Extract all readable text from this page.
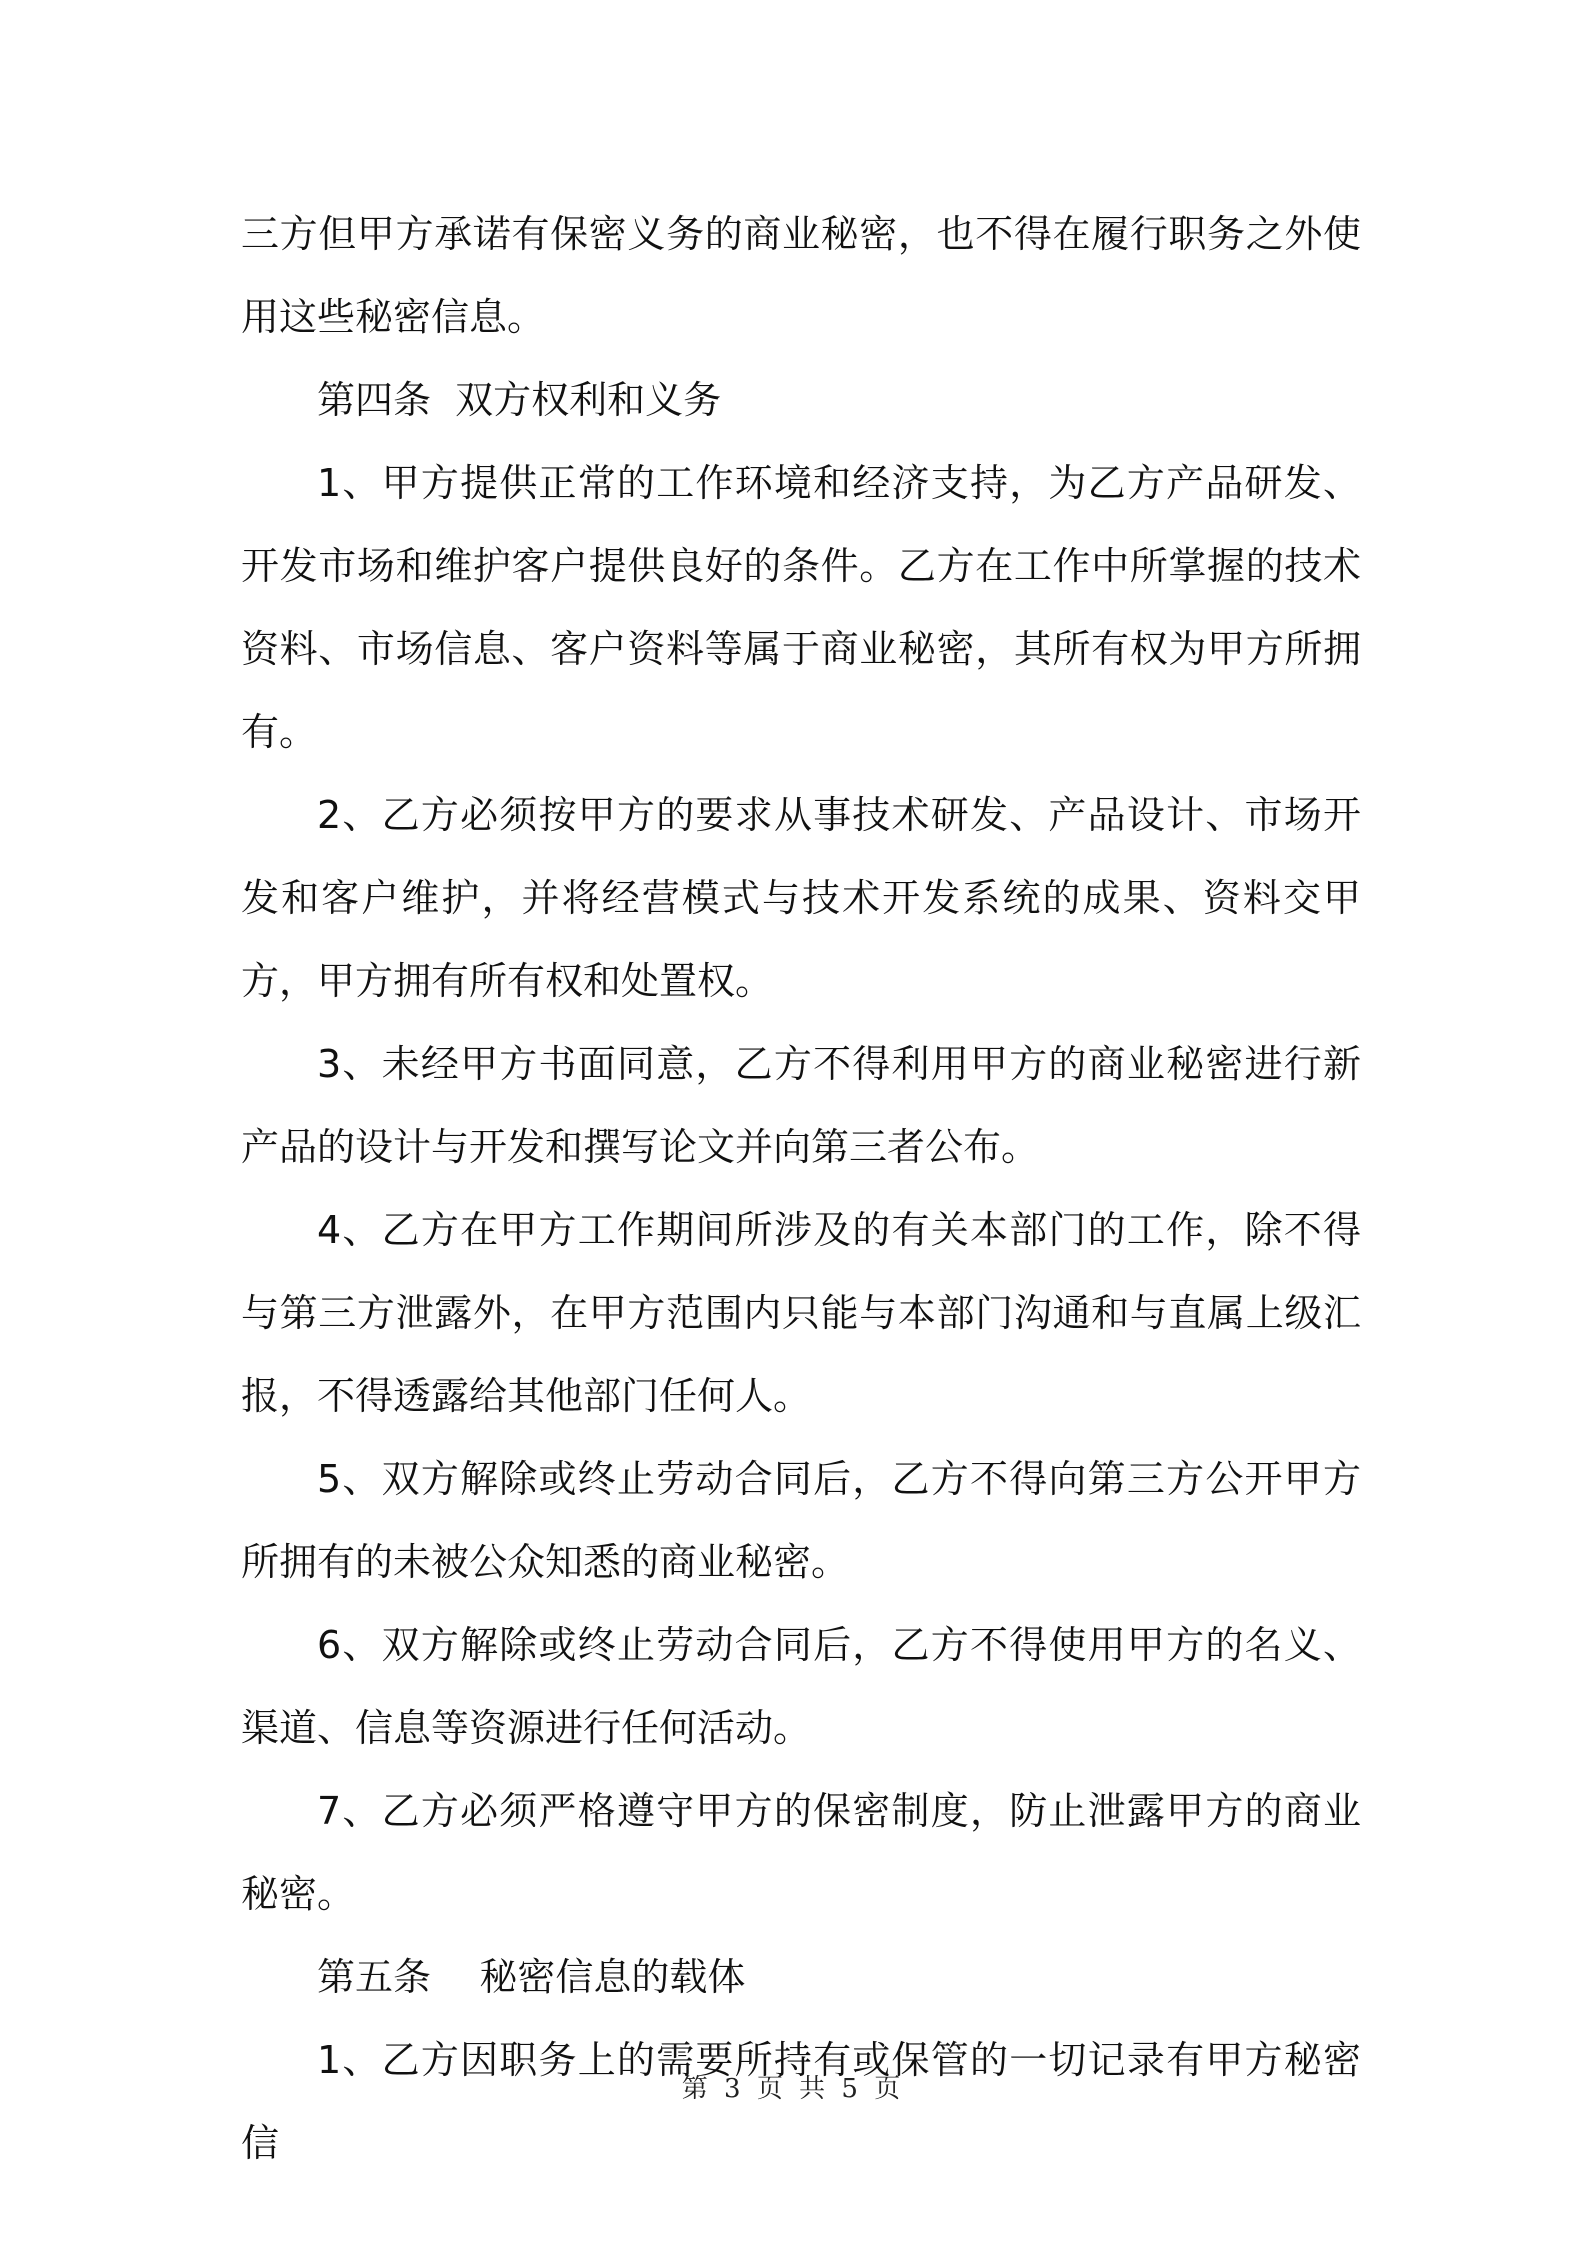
三方但甲方承诺有保密义务的商业秘密，也不得在履行职务之外使用这些秘密信息。

第四条  双方权利和义务

1、甲方提供正常的工作环境和经济支持，为乙方产品研发、开发市场和维护客户提供良好的条件。乙方在工作中所掌握的技术资料、市场信息、客户资料等属于商业秘密，其所有权为甲方所拥有。

2、乙方必须按甲方的要求从事技术研发、产品设计、市场开发和客户维护，并将经营模式与技术开发系统的成果、资料交甲方，甲方拥有所有权和处置权。

3、未经甲方书面同意，乙方不得利用甲方的商业秘密进行新产品的设计与开发和撰写论文并向第三者公布。

4、乙方在甲方工作期间所涉及的有关本部门的工作，除不得与第三方泄露外，在甲方范围内只能与本部门沟通和与直属上级汇报，不得透露给其他部门任何人。

5、双方解除或终止劳动合同后，乙方不得向第三方公开甲方所拥有的未被公众知悉的商业秘密。

6、双方解除或终止劳动合同后，乙方不得使用甲方的名义、渠道、信息等资源进行任何活动。

7、乙方必须严格遵守甲方的保密制度，防止泄露甲方的商业秘密。

第五条    秘密信息的载体

1、乙方因职务上的需要所持有或保管的一切记录有甲方秘密信

第 3 页 共 5 页
